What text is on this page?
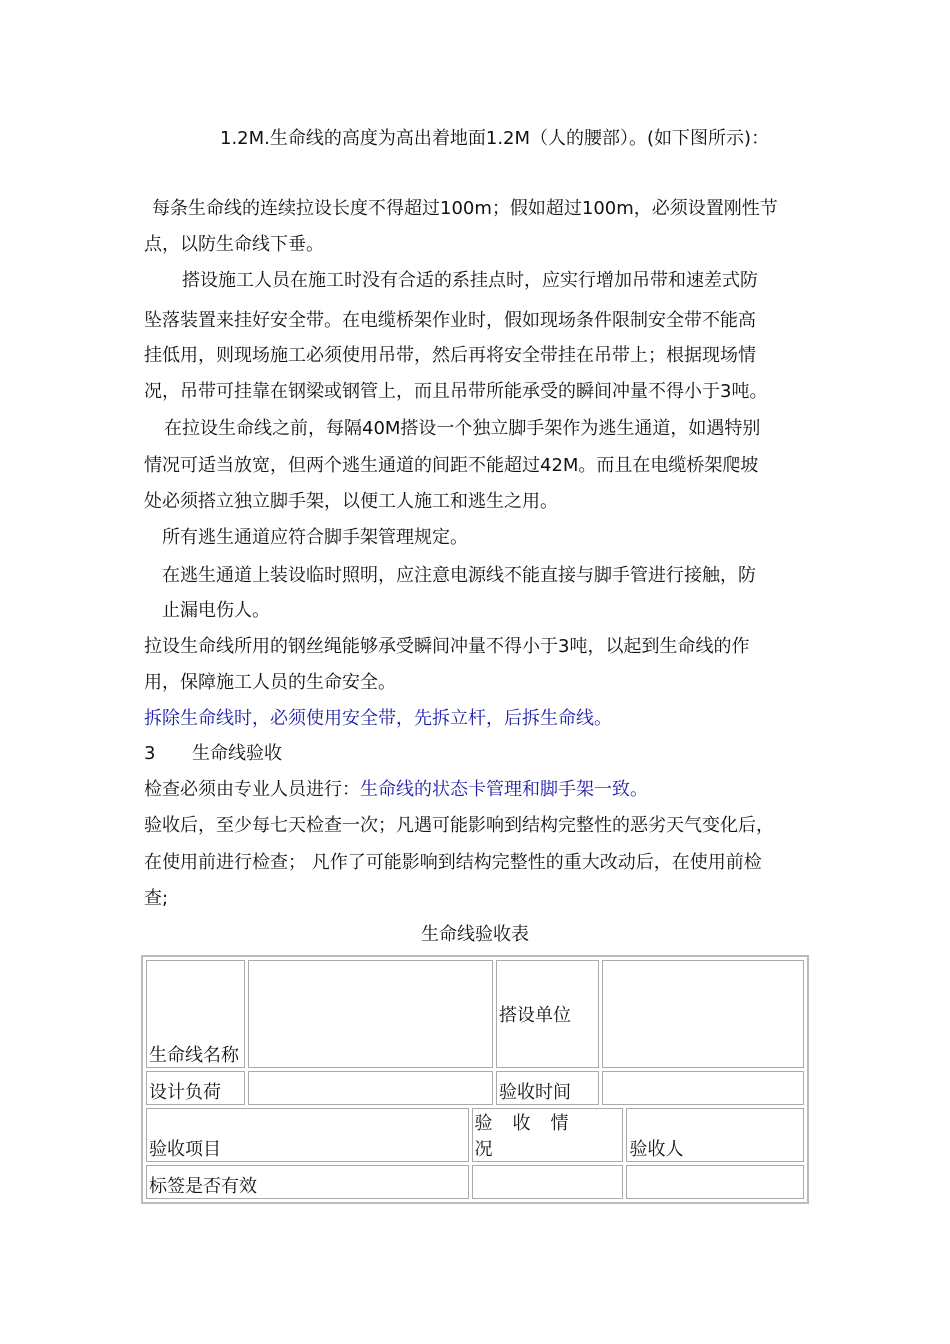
1.2M.生命线的高度为高出着地面1.2M（人的腰部）。(如下图所示)：
每条生命线的连续拉设长度不得超过100m；假如超过100m，必须设置刚性节
点，以防生命线下垂。
搭设施工人员在施工时没有合适的系挂点时，应实行增加吊带和速差式防
坠落装置来挂好安全带。在电缆桥架作业时，假如现场条件限制安全带不能高
挂低用，则现场施工必须使用吊带，然后再将安全带挂在吊带上；根据现场情
况，吊带可挂靠在钢梁或钢管上，而且吊带所能承受的瞬间冲量不得小于3吨。
在拉设生命线之前，每隔40M搭设一个独立脚手架作为逃生通道，如遇特别
情况可适当放宽，但两个逃生通道的间距不能超过42M。而且在电缆桥架爬坡
处必须搭立独立脚手架，以便工人施工和逃生之用。
所有逃生通道应符合脚手架管理规定。
在逃生通道上装设临时照明，应注意电源线不能直接与脚手管进行接触，防
止漏电伤人。
拉设生命线所用的钢丝绳能够承受瞬间冲量不得小于3吨，以起到生命线的作
用，保障施工人员的生命安全。
拆除生命线时，必须使用安全带，先拆立杆，后拆生命线。
3 生命线验收
检查必须由专业人员进行：生命线的状态卡管理和脚手架一致。
验收后，至少每七天检查一次；凡遇可能影响到结构完整性的恶劣天气变化后，
在使用前进行检查； 凡作了可能影响到结构完整性的重大改动后，在使用前检
查;
生命线验收表
生命线名称			搭设单位		
设计负荷			验收时间		
验收项目		验收情况			验收人
标签是否有效					
